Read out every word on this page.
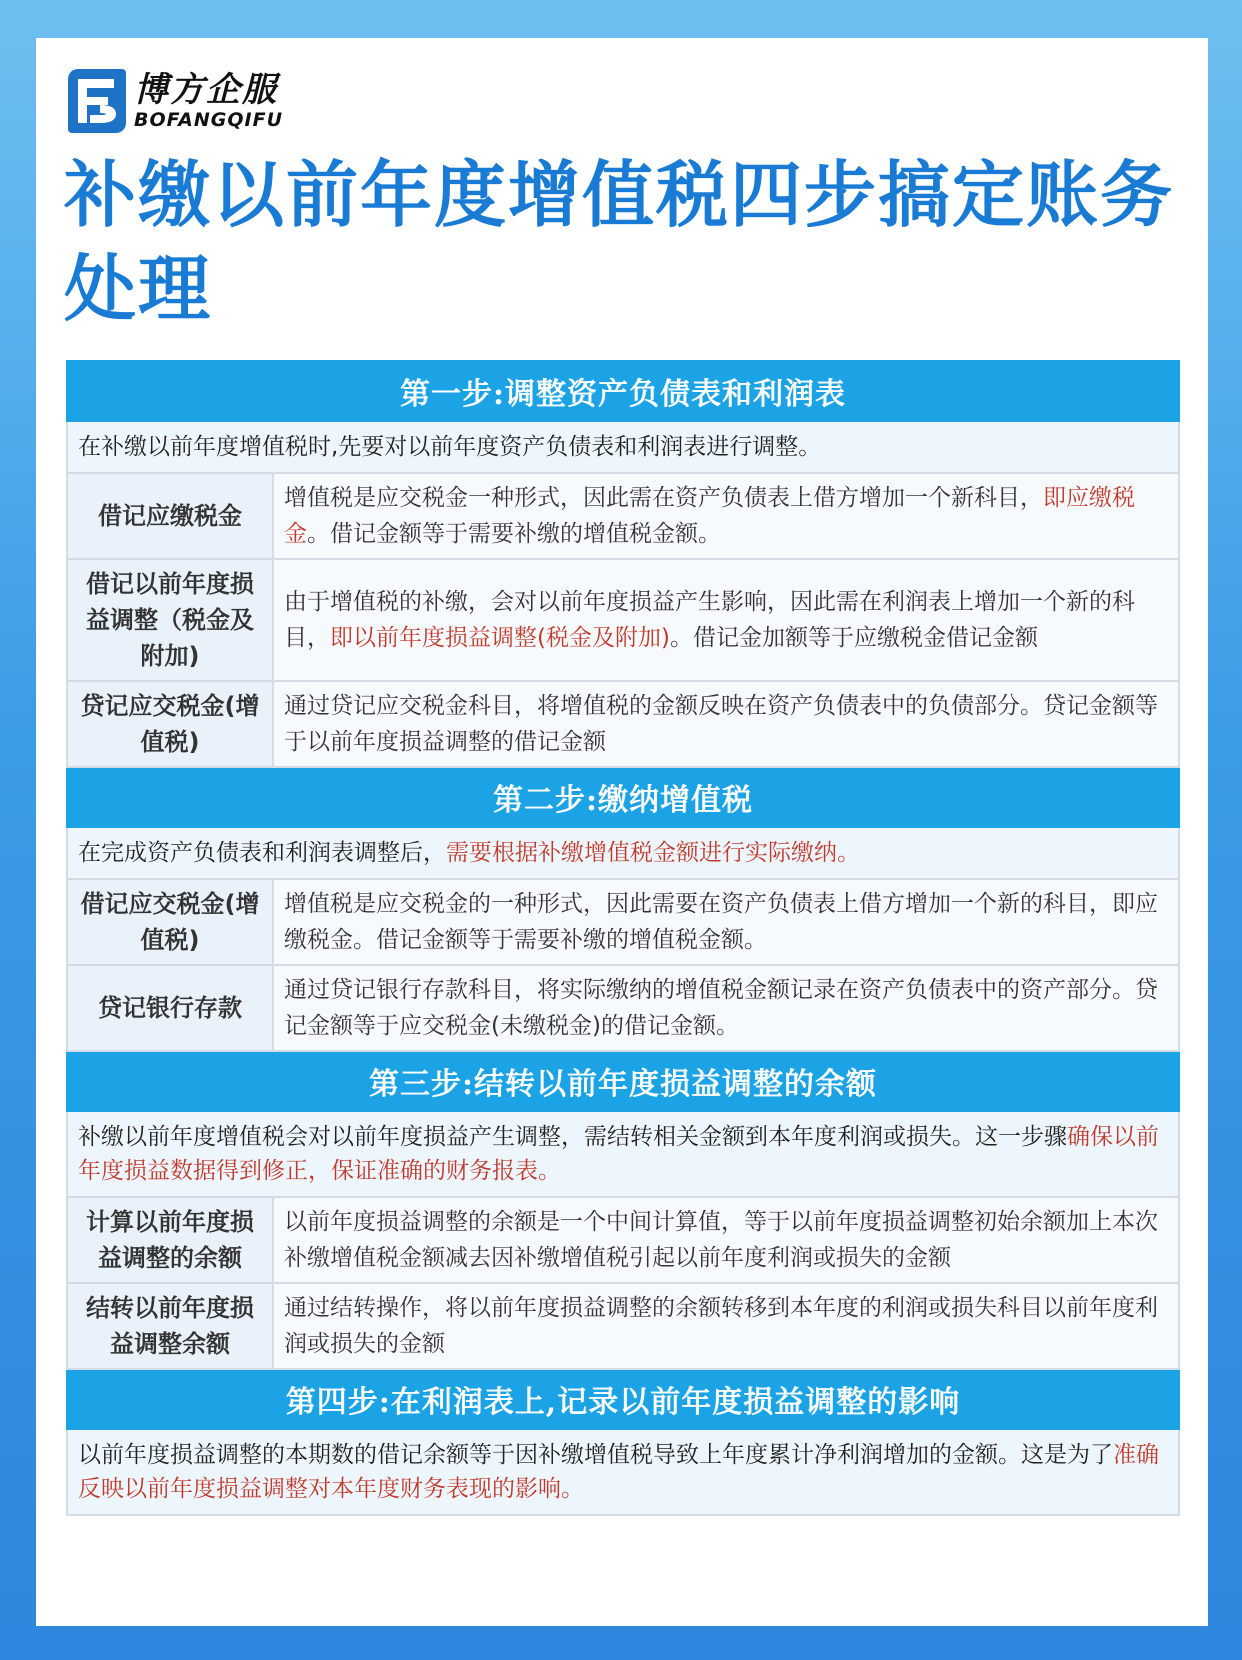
博方企服
BOFANGQIFU
补缴以前年度增值税四步搞定账务处理
第一步:调整资产负债表和利润表	
在补缴以前年度增值税时,先要对以前年度资产负债表和利润表进行调整。	
借记应缴税金	增值税是应交税金一种形式，因此需在资产负债表上借方增加一个新科目，即应缴税金。借记金额等于需要补缴的增值税金额。
借记以前年度损益调整（税金及附加)	由于增值税的补缴，会对以前年度损益产生影响，因此需在利润表上增加一个新的科目，即以前年度损益调整(税金及附加)。借记金加额等于应缴税金借记金额
贷记应交税金(增值税)	通过贷记应交税金科目，将增值税的金额反映在资产负债表中的负债部分。贷记金额等于以前年度损益调整的借记金额
第二步:缴纳增值税	
在完成资产负债表和利润表调整后，需要根据补缴增值税金额进行实际缴纳。	
借记应交税金(增值税)	增值税是应交税金的一种形式，因此需要在资产负债表上借方增加一个新的科目，即应缴税金。借记金额等于需要补缴的增值税金额。
贷记银行存款	通过贷记银行存款科目，将实际缴纳的增值税金额记录在资产负债表中的资产部分。贷记金额等于应交税金(未缴税金)的借记金额。
第三步:结转以前年度损益调整的余额	
补缴以前年度增值税会对以前年度损益产生调整，需结转相关金额到本年度利润或损失。这一步骤确保以前年度损益数据得到修正，保证准确的财务报表。	
计算以前年度损益调整的余额	以前年度损益调整的余额是一个中间计算值，等于以前年度损益调整初始余额加上本次补缴增值税金额减去因补缴增值税引起以前年度利润或损失的金额
结转以前年度损益调整余额	通过结转操作，将以前年度损益调整的余额转移到本年度的利润或损失科目以前年度利润或损失的金额
第四步:在利润表上,记录以前年度损益调整的影响	
以前年度损益调整的本期数的借记余额等于因补缴增值税导致上年度累计净利润增加的金额。这是为了准确反映以前年度损益调整对本年度财务表现的影响。	
